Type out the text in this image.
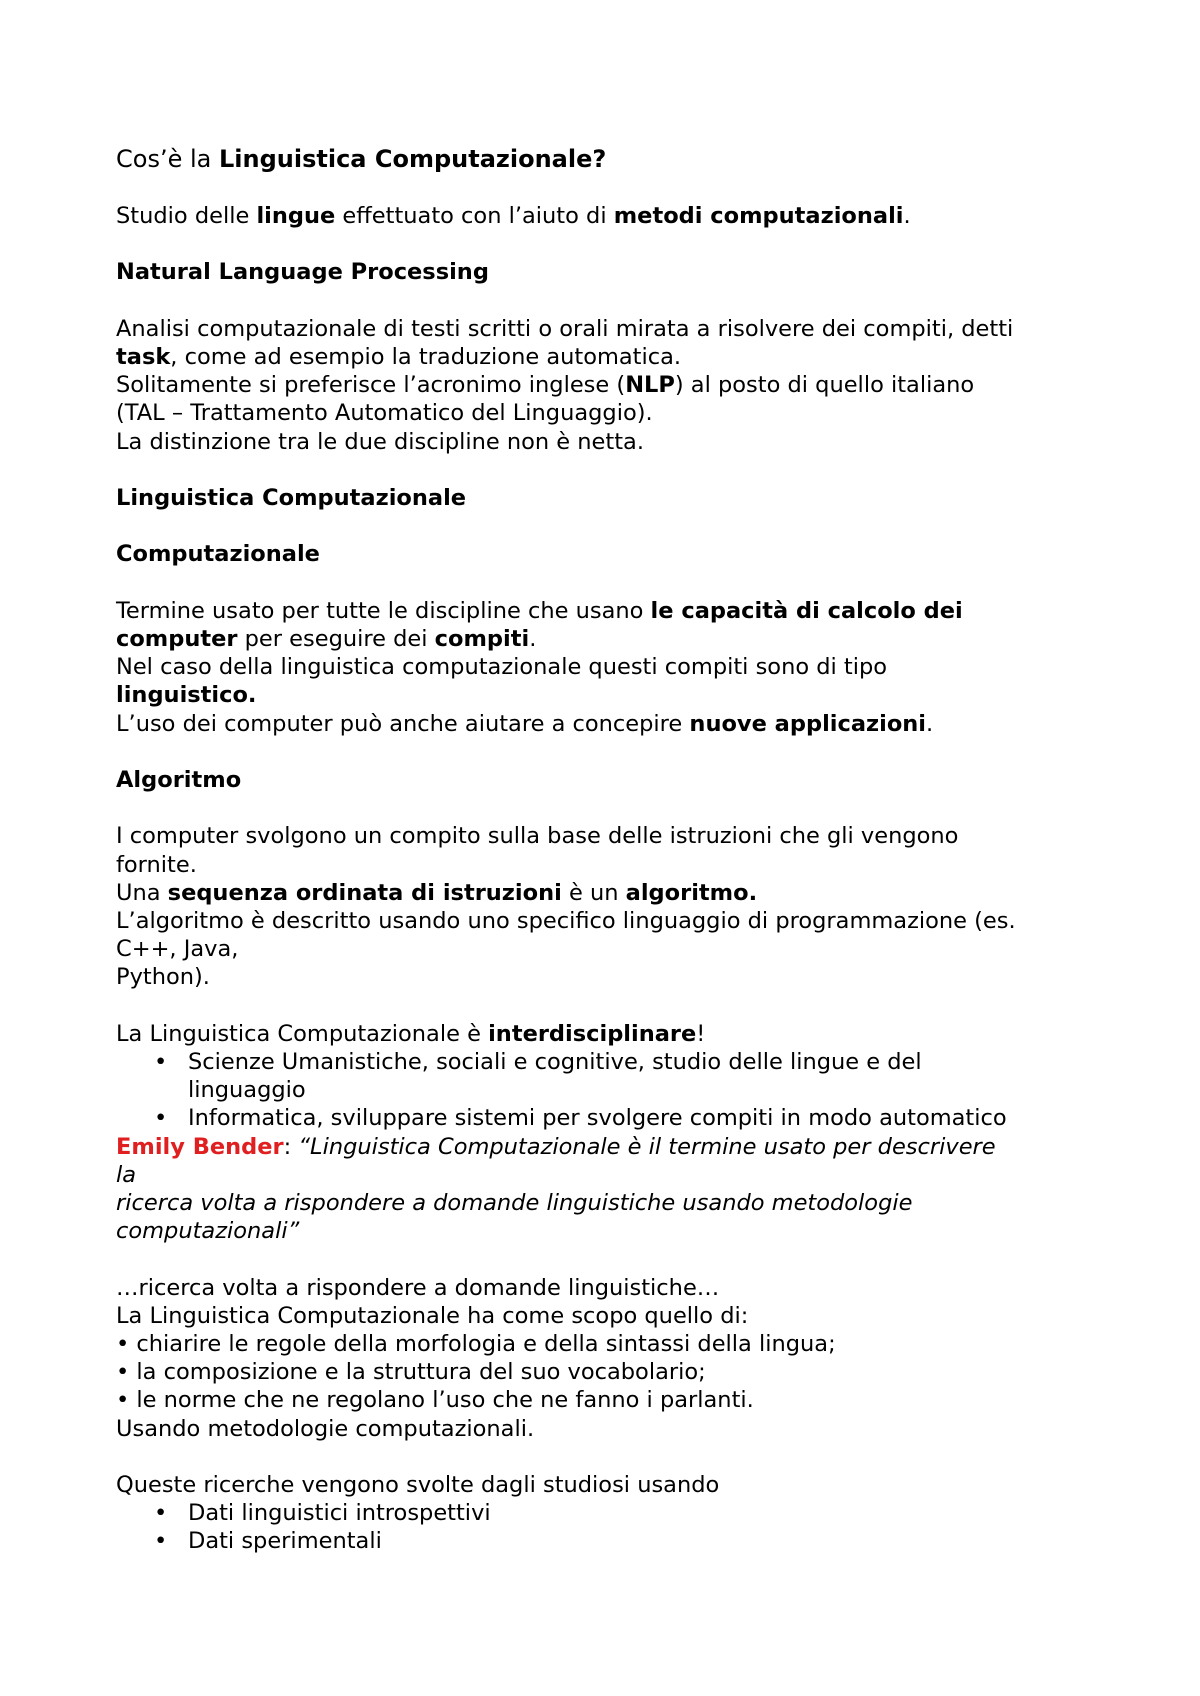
Cos’è la Linguistica Computazionale?
Studio delle lingue effettuato con l’aiuto di metodi computazionali.
Natural Language Processing
Analisi computazionale di testi scritti o orali mirata a risolvere dei compiti, detti
task, come ad esempio la traduzione automatica.
Solitamente si preferisce l’acronimo inglese (NLP) al posto di quello italiano
(TAL – Trattamento Automatico del Linguaggio).
La distinzione tra le due discipline non è netta.
Linguistica Computazionale
Computazionale
Termine usato per tutte le discipline che usano le capacità di calcolo dei
computer per eseguire dei compiti.
Nel caso della linguistica computazionale questi compiti sono di tipo
linguistico.
L’uso dei computer può anche aiutare a concepire nuove applicazioni.
Algoritmo
I computer svolgono un compito sulla base delle istruzioni che gli vengono
fornite.
Una sequenza ordinata di istruzioni è un algoritmo.
L’algoritmo è descritto usando uno specifico linguaggio di programmazione (es.
C++, Java,
Python).
La Linguistica Computazionale è interdisciplinare!
• Scienze Umanistiche, sociali e cognitive, studio delle lingue e del
linguaggio
• Informatica, sviluppare sistemi per svolgere compiti in modo automatico
Emily Bender: “Linguistica Computazionale è il termine usato per descrivere
la
ricerca volta a rispondere a domande linguistiche usando metodologie
computazionali”
…ricerca volta a rispondere a domande linguistiche…
La Linguistica Computazionale ha come scopo quello di:
• chiarire le regole della morfologia e della sintassi della lingua;
• la composizione e la struttura del suo vocabolario;
• le norme che ne regolano l’uso che ne fanno i parlanti.
Usando metodologie computazionali.
Queste ricerche vengono svolte dagli studiosi usando
• Dati linguistici introspettivi
• Dati sperimentali
